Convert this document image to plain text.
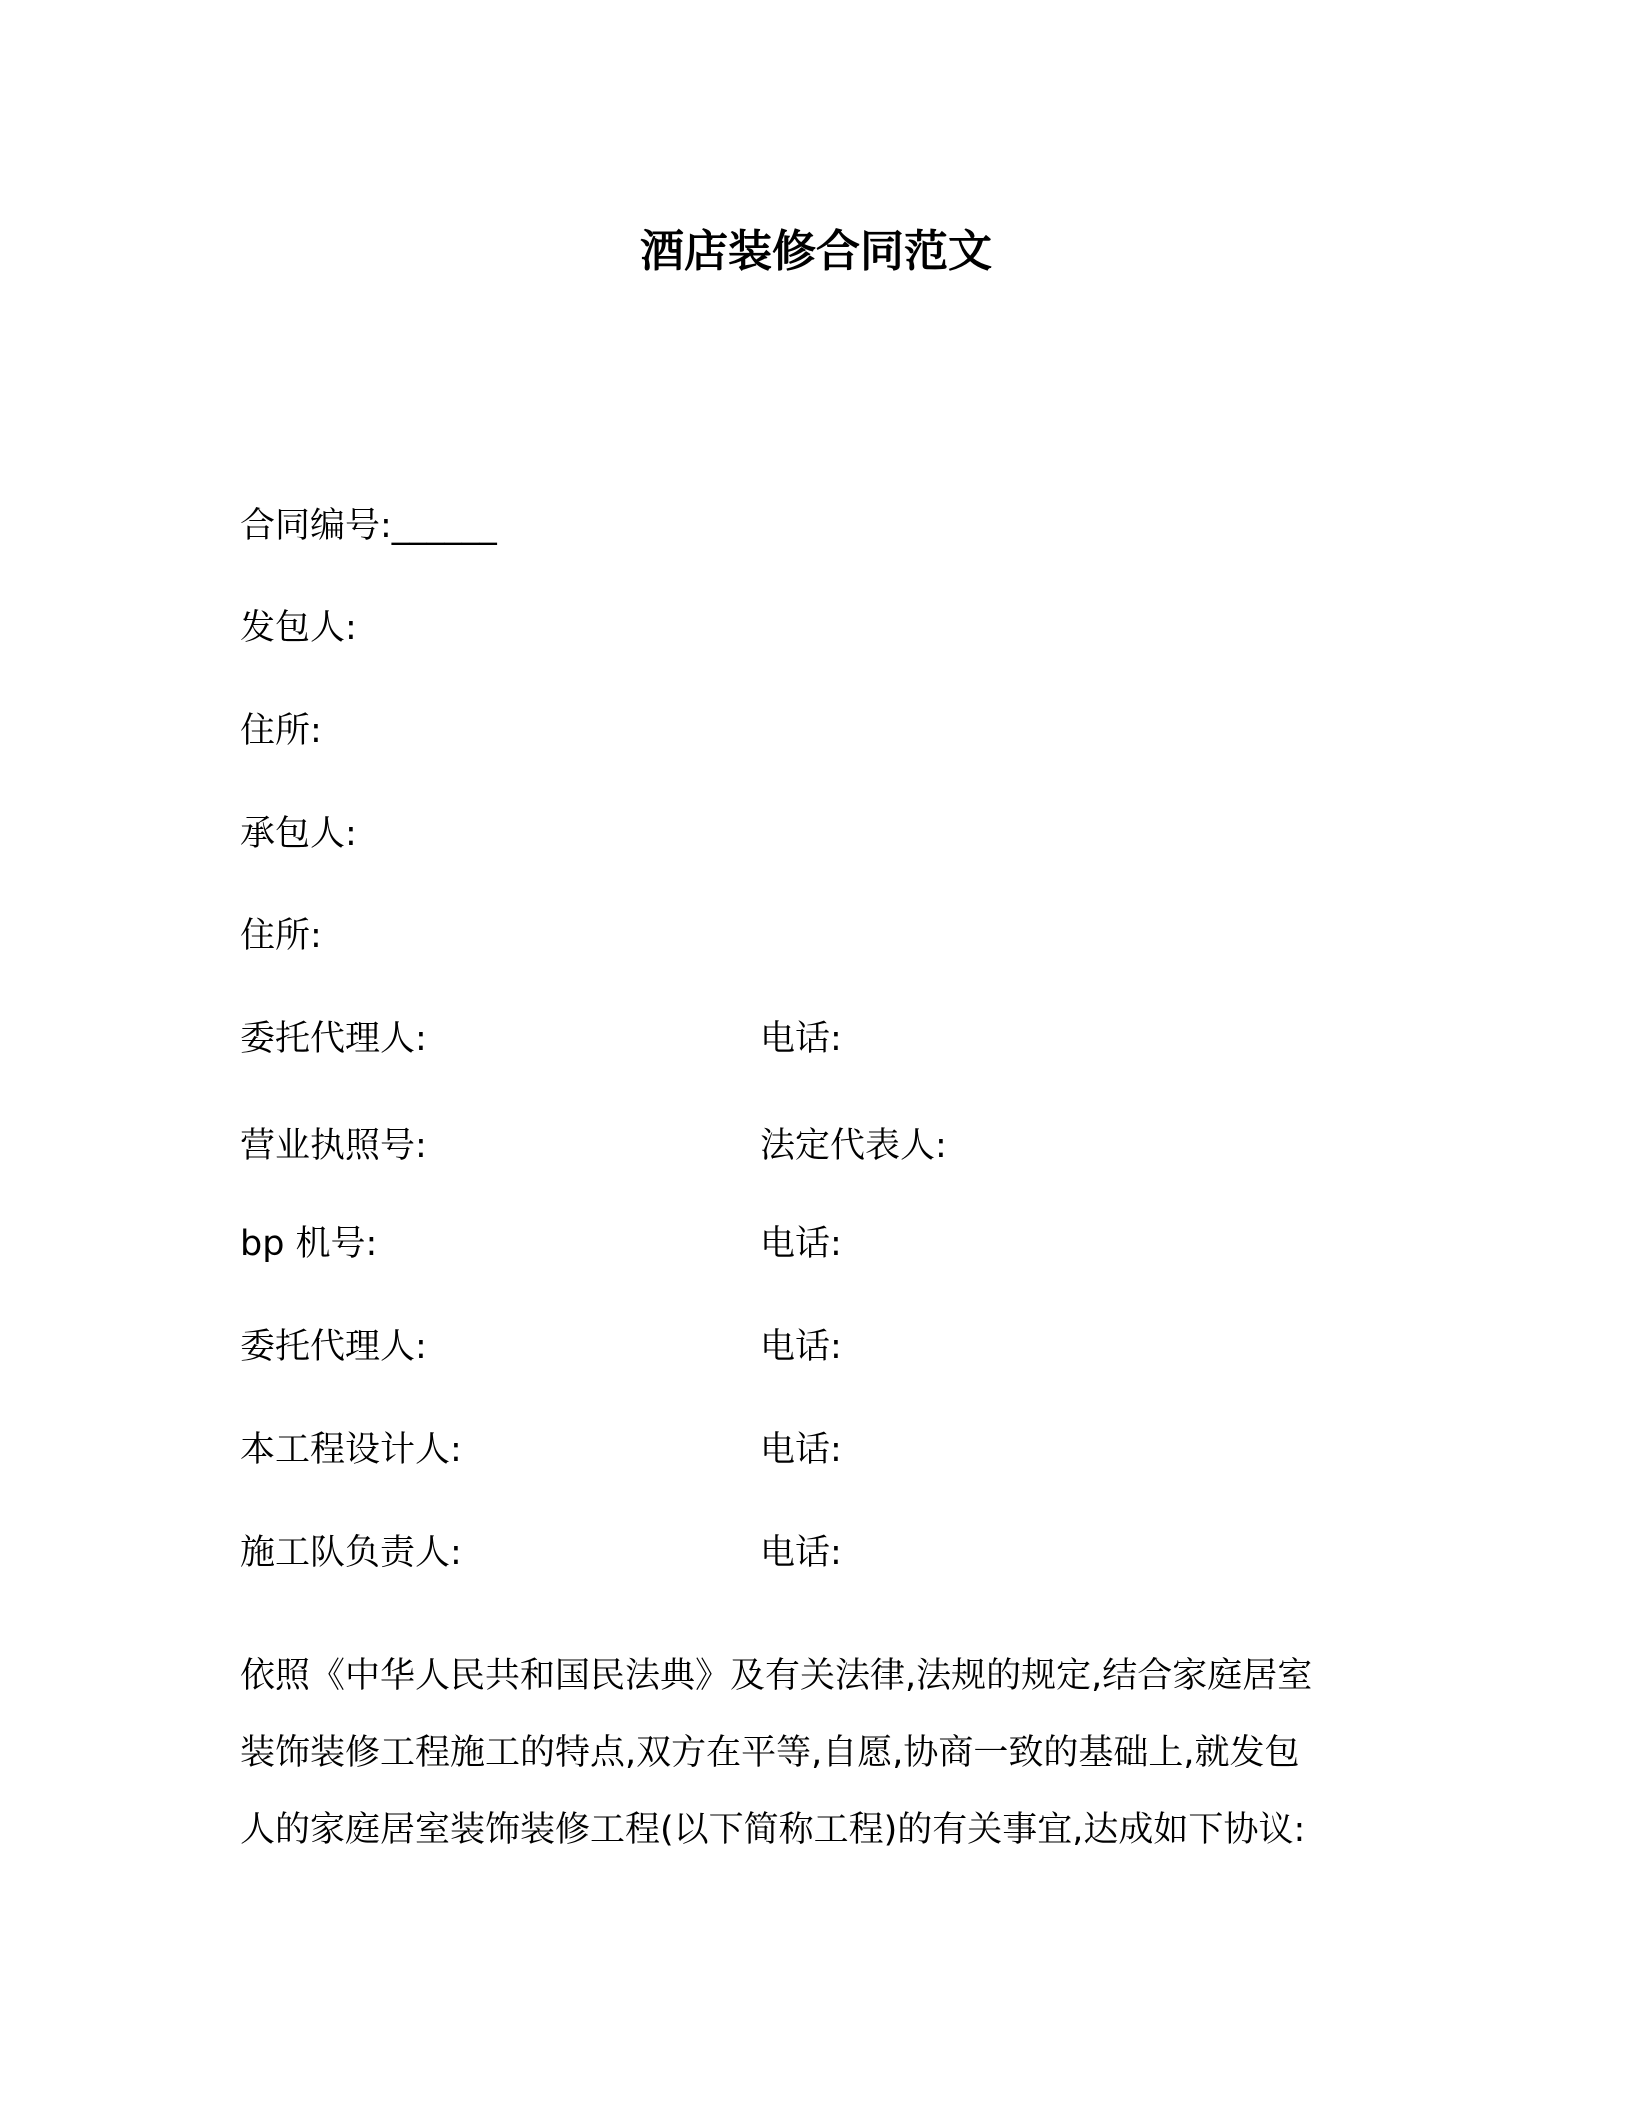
酒店装修合同范文
合同编号:______
发包人:
住所:
承包人:
住所:
委托代理人:	电话:
营业执照号:	法定代表人:
bp 机号:	电话:
委托代理人:	电话:
本工程设计人:	电话:
施工队负责人:	电话:
依照《中华人民共和国民法典》及有关法律,法规的规定,结合家庭居室
装饰装修工程施工的特点,双方在平等,自愿,协商一致的基础上,就发包
人的家庭居室装饰装修工程(以下简称工程)的有关事宜,达成如下协议:
